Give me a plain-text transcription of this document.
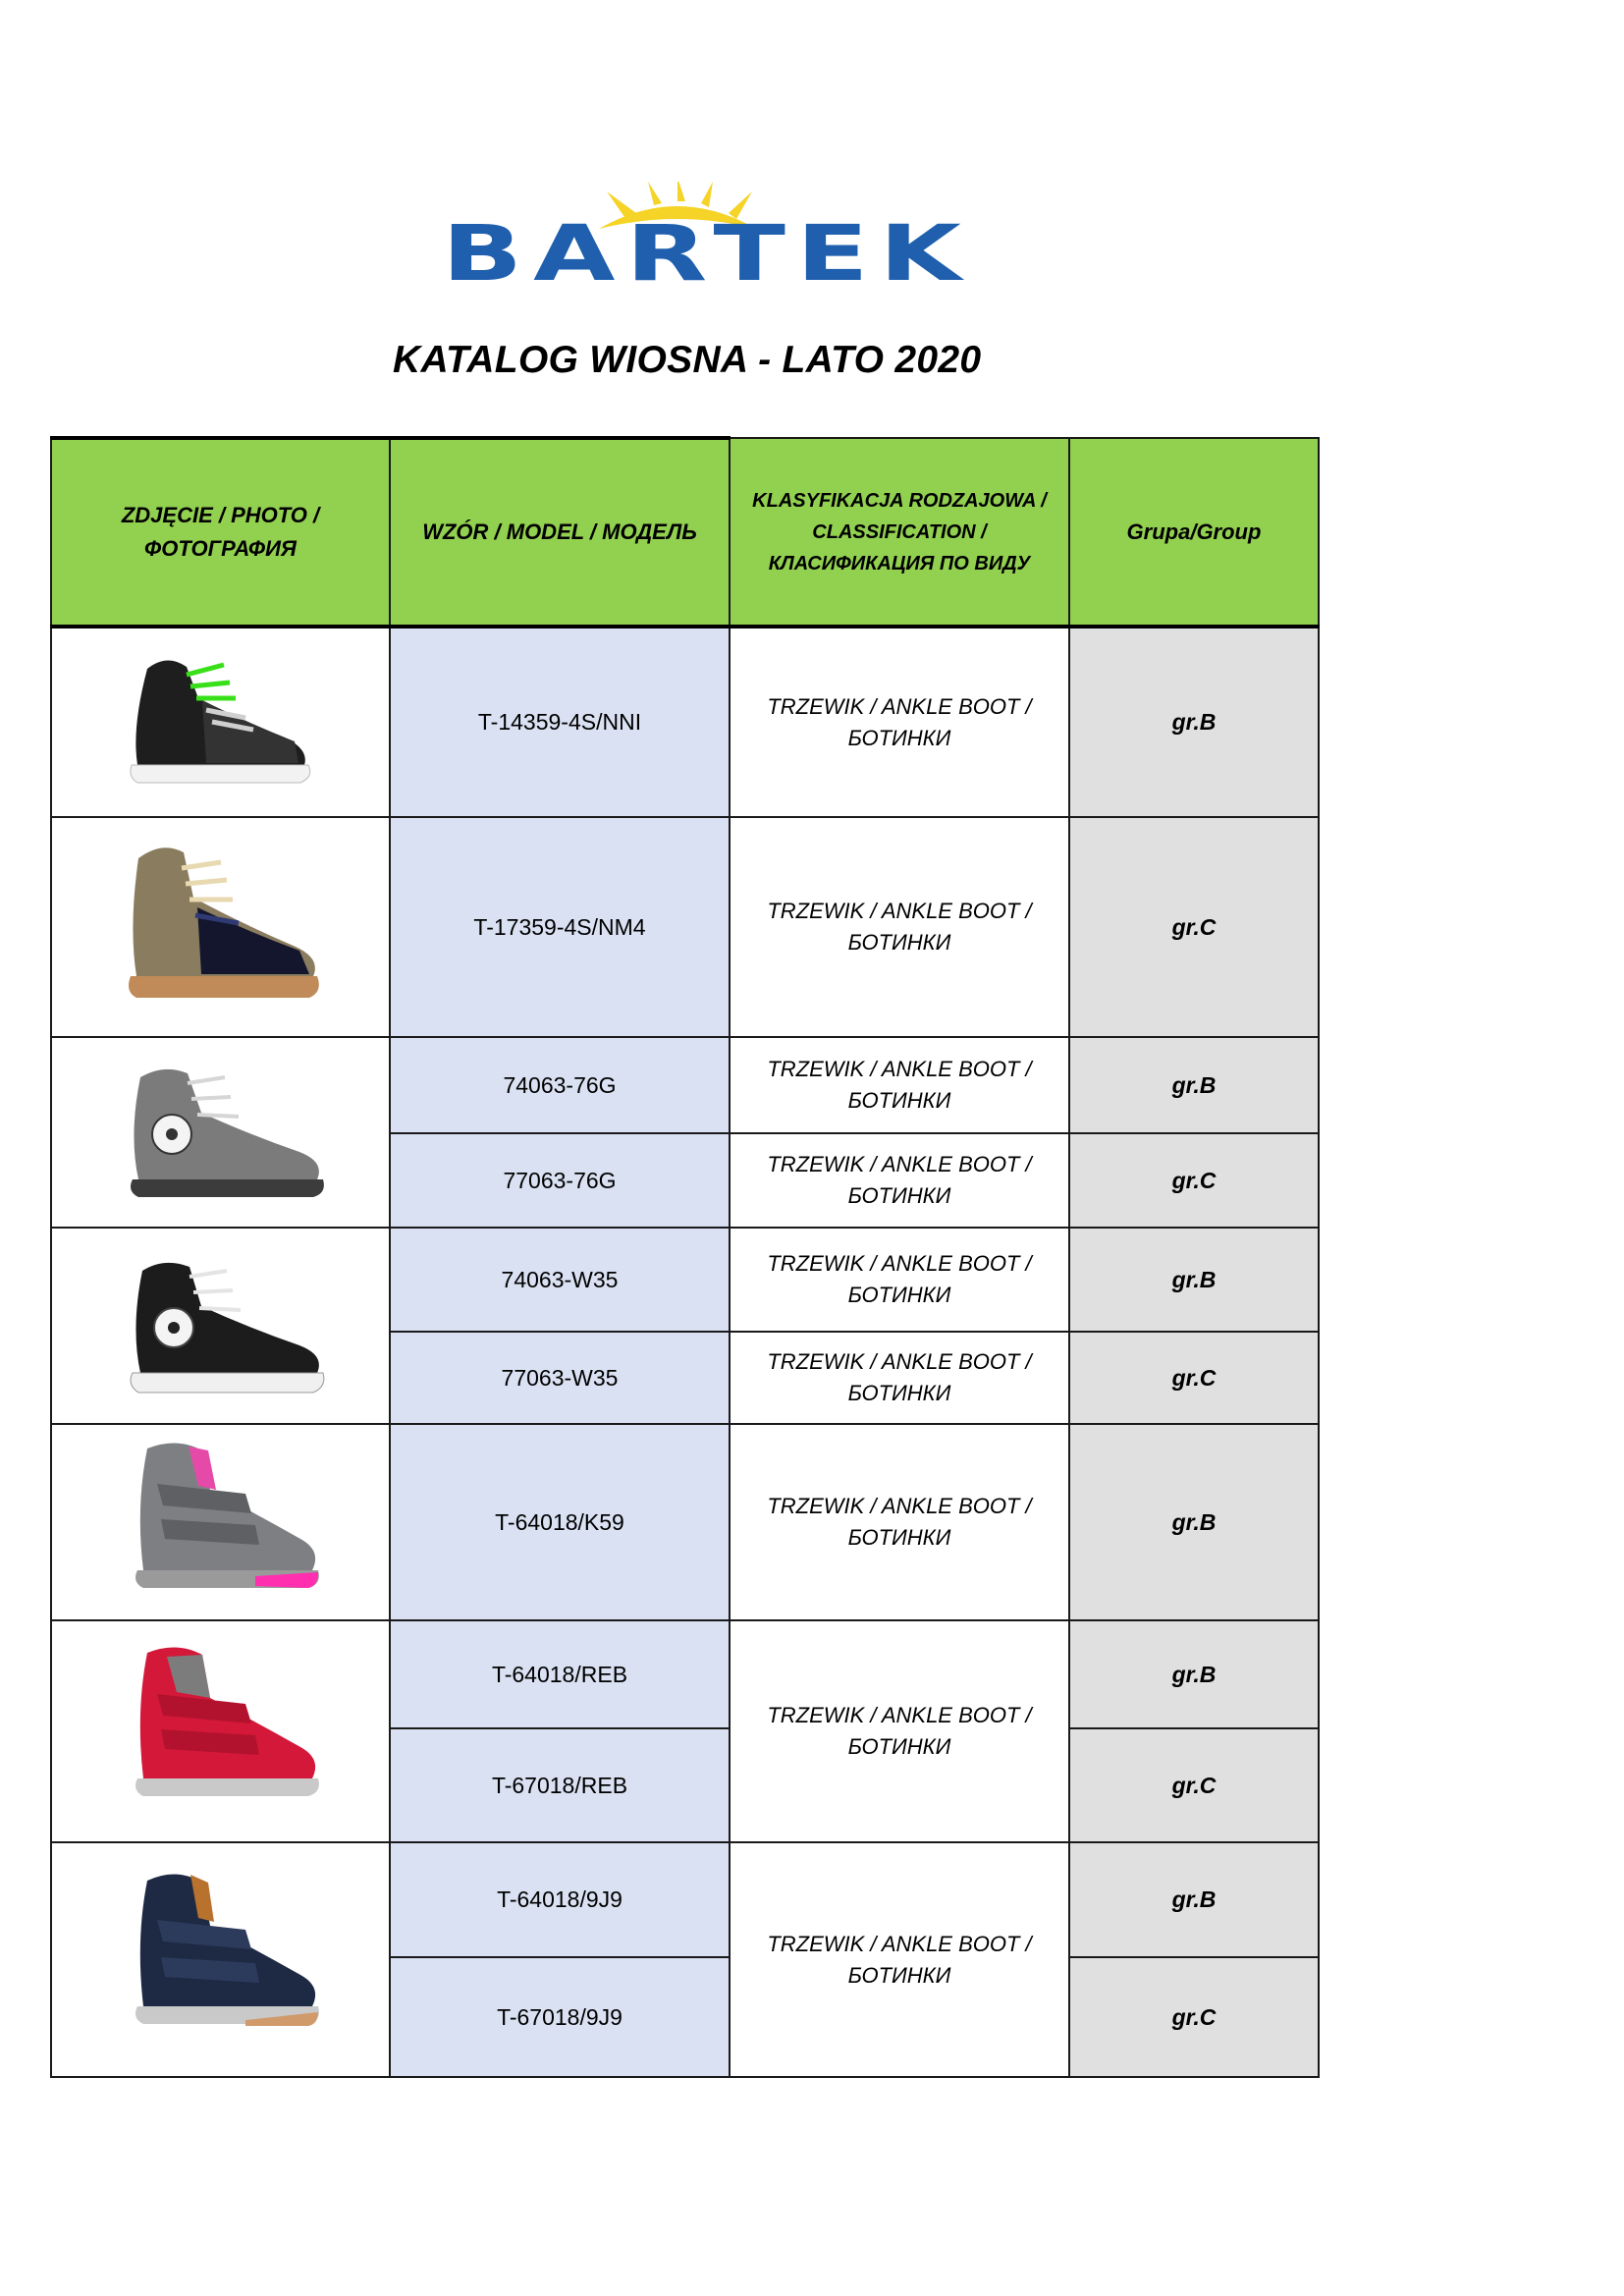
BARTEK
KATALOG WIOSNA - LATO 2020
ZDJĘCIE / PHOTO / ФОТОГРАФИЯ	WZÓR / MODEL / МОДЕЛЬ	KLASYFIKACJA RODZAJOWA / CLASSIFICATION / КЛАСИФИКАЦИЯ ПО ВИДУ	Grupa/Group

	T-14359-4S/NNI	TRZEWIK / ANKLE BOOT / БОТИНКИ	gr.B

	T-17359-4S/NM4	TRZEWIK / ANKLE BOOT / БОТИНКИ	gr.C

	74063-76G	TRZEWIK / ANKLE BOOT / БОТИНКИ	gr.B
	77063-76G	TRZEWIK / ANKLE BOOT / БОТИНКИ	gr.C

	74063-W35	TRZEWIK / ANKLE BOOT / БОТИНКИ	gr.B
	77063-W35	TRZEWIK / ANKLE BOOT / БОТИНКИ	gr.C

	T-64018/K59	TRZEWIK / ANKLE BOOT / БОТИНКИ	gr.B

	T-64018/REB	TRZEWIK / ANKLE BOOT / БОТИНКИ	gr.B
	T-67018/REB		gr.C

	T-64018/9J9	TRZEWIK / ANKLE BOOT / БОТИНКИ	gr.B
	T-67018/9J9		gr.C
